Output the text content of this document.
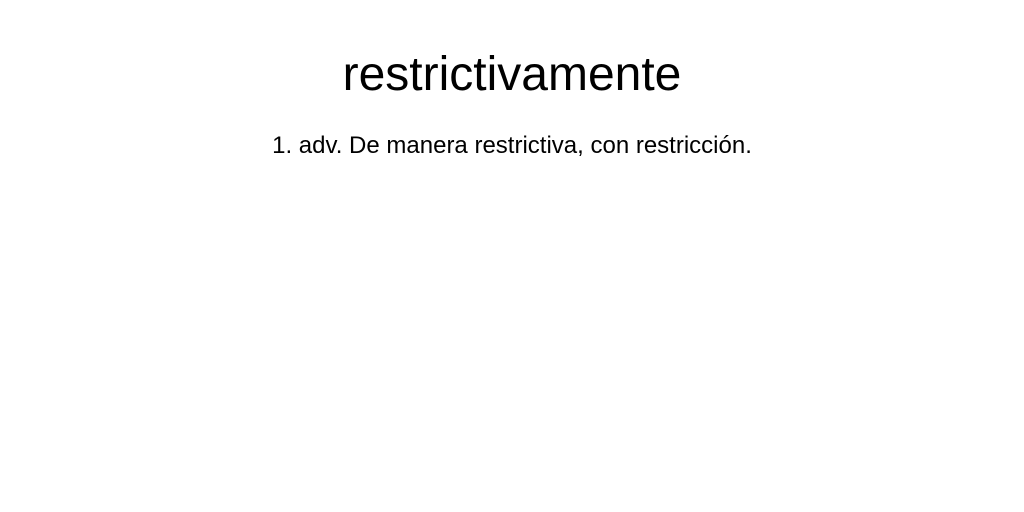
restrictivamente

1. adv. De manera restrictiva, con restricción.
